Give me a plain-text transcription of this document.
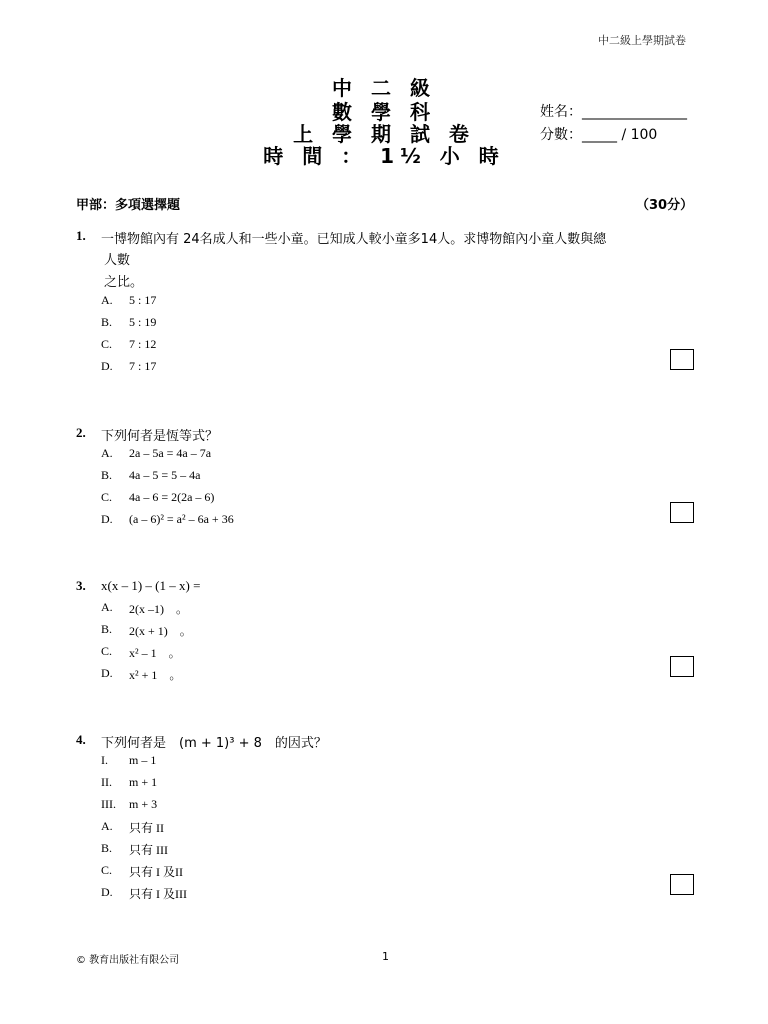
中二級上學期試卷
中 二 級
數 學 科
上 學 期 試 卷
時 間 ： 1½ 小 時
姓名：_______________
分數：_____ / 100
甲部：多項選擇題	（30分）
1. 一博物館內有 24名成人和一些小童。已知成人較小童多14人。求博物館內小童人數與總
人數
之比。
A. 5 : 17
B. 5 : 19
C. 7 : 12
D. 7 : 17
2. 下列何者是恆等式？
A. 2a – 5a = 4a – 7a
B. 4a – 5 = 5 – 4a
C. 4a – 6 = 2(2a – 6)
D. (a – 6)² = a² – 6a + 36
3. x(x – 1) – (1 – x) =
A. 2(x –1)　。
B. 2(x + 1)　。
C. x² – 1　。
D. x² + 1　。
4. 下列何者是　(m + 1)³ + 8　的因式？
I. m – 1
II. m + 1
III. m + 3
A. 只有 II
B. 只有 III
C. 只有 I 及II
D. 只有 I 及III
© 教育出版社有限公司	1
